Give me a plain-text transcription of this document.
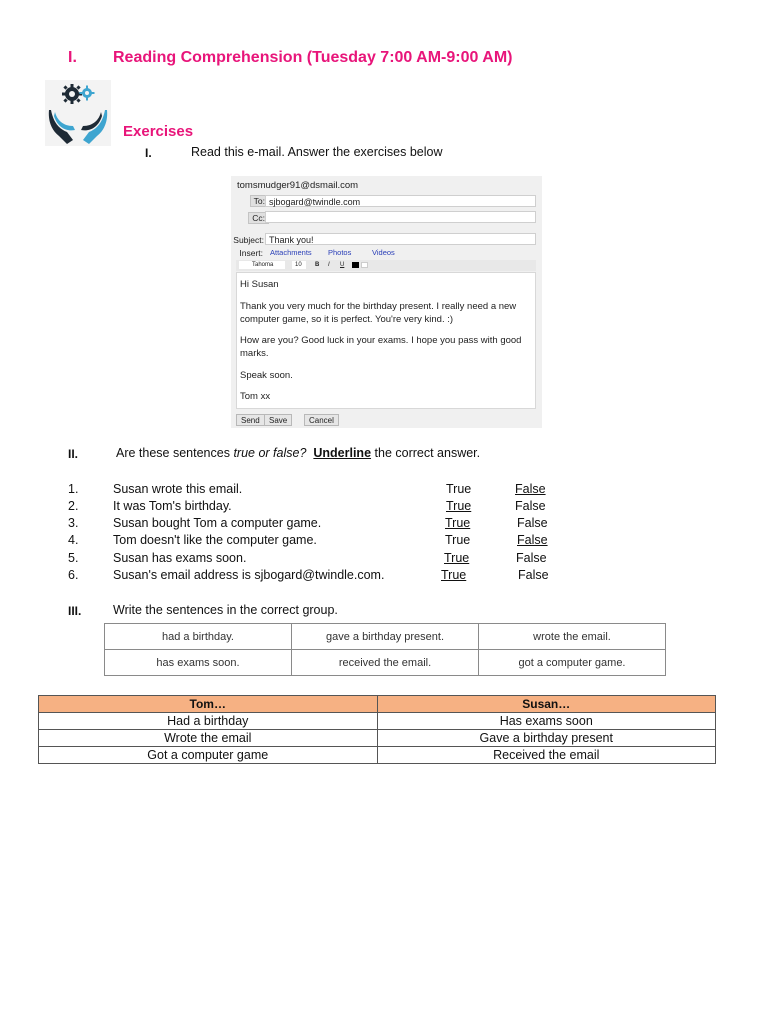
I. Reading Comprehension (Tuesday 7:00 AM-9:00 AM)
Exercises
I.	Read this e-mail. Answer the exercises below
tomsmudger91@dsmail.com
To: sjbogard@twindle.com
Cc:
Subject: Thank you!
Insert: Attachments Photos	Videos
Tahoma	10	B I U
Hi Susan
Thank you very much for the birthday present. I really need a new computer game, so it is perfect. You're very kind. :)
How are you? Good luck in your exams. I hope you pass with good marks.
Speak soon.
Tom xx
Send	Save	Cancel
II.	Are these sentences true or false? Underline the correct answer.
1.	Susan wrote this email.	True	False
2.	It was Tom's birthday.	True	False
3.	Susan bought Tom a computer game.	True	False
4.	Tom doesn't like the computer game.	True	False
5.	Susan has exams soon.	True	False
6.	Susan's email address is sjbogard@twindle.com.	True	False
III.	Write the sentences in the correct group.
had a birthday.	gave a birthday present.	wrote the email.
has exams soon.	received the email.	got a computer game.
Tom…	Susan…
Had a birthday	Has exams soon
Wrote the email	Gave a birthday present
Got a computer game	Received the email
